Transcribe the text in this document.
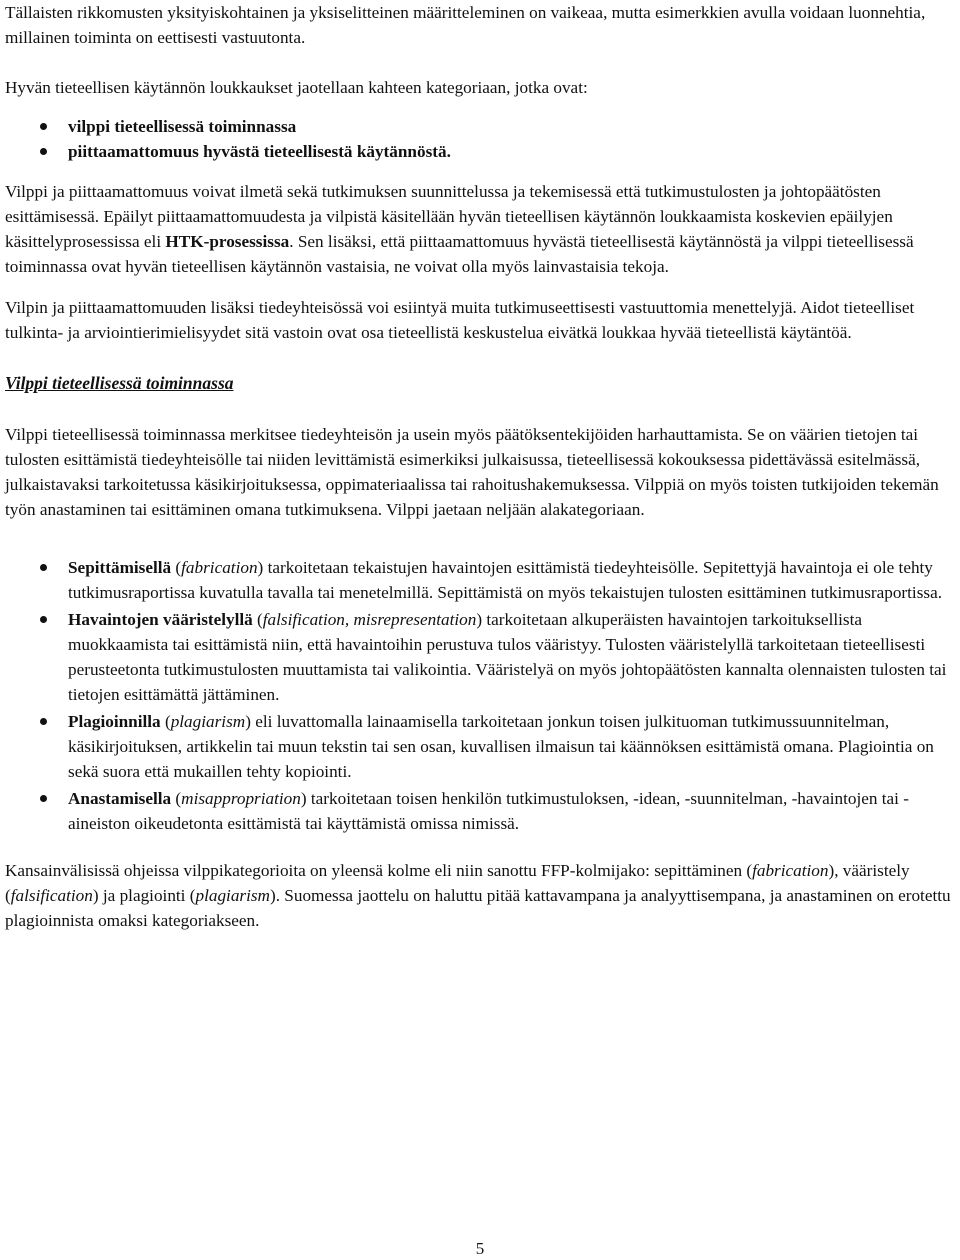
Tällaisten rikkomusten yksityiskohtainen ja yksiselitteinen määritteleminen on vaikeaa, mutta esimerkkien avulla voidaan luonnehtia, millainen toiminta on eettisesti vastuutonta.

Hyvän tieteellisen käytännön loukkaukset jaotellaan kahteen kategoriaan, jotka ovat:

vilppi tieteellisessä toiminnassa
piittaamattomuus hyvästä tieteellisestä käytännöstä.

Vilppi ja piittaamattomuus voivat ilmetä sekä tutkimuksen suunnittelussa ja tekemisessä että tutkimustulosten ja johtopäätösten esittämisessä. Epäilyt piittaamattomuudesta ja vilpistä käsitellään hyvän tieteellisen käytännön loukkaamista koskevien epäilyjen käsittelyprosessissa eli HTK-prosessissa. Sen lisäksi, että piittaamattomuus hyvästä tieteellisestä käytännöstä ja vilppi tieteellisessä toiminnassa ovat hyvän tieteellisen käytännön vastaisia, ne voivat olla myös lainvastaisia tekoja.

Vilpin ja piittaamattomuuden lisäksi tiedeyhteisössä voi esiintyä muita tutkimuseettisesti vastuuttomia menettelyjä. Aidot tieteelliset tulkinta- ja arviointierimielisyydet sitä vastoin ovat osa tieteellistä keskustelua eivätkä loukkaa hyvää tieteellistä käytäntöä.

Vilppi tieteellisessä toiminnassa

Vilppi tieteellisessä toiminnassa merkitsee tiedeyhteisön ja usein myös päätöksentekijöiden harhauttamista. Se on väärien tietojen tai tulosten esittämistä tiedeyhteisölle tai niiden levittämistä esimerkiksi julkaisussa, tieteellisessä kokouksessa pidettävässä esitelmässä, julkaistavaksi tarkoitetussa käsikirjoituksessa, oppimateriaalissa tai rahoitushakemuksessa. Vilppiä on myös toisten tutkijoiden tekemän työn anastaminen tai esittäminen omana tutkimuksena. Vilppi jaetaan neljään alakategoriaan.

Sepittämisellä (fabrication) tarkoitetaan tekaistujen havaintojen esittämistä tiedeyhteisölle. Sepitettyjä havaintoja ei ole tehty tutkimusraportissa kuvatulla tavalla tai menetelmillä. Sepittämistä on myös tekaistujen tulosten esittäminen tutkimusraportissa.
Havaintojen vääristelyllä (falsification, misrepresentation) tarkoitetaan alkuperäisten havaintojen tarkoituksellista muokkaamista tai esittämistä niin, että havaintoihin perustuva tulos vääristyy. Tulosten vääristelyllä tarkoitetaan tieteellisesti perusteetonta tutkimustulosten muuttamista tai valikointia. Vääristelyä on myös johtopäätösten kannalta olennaisten tulosten tai tietojen esittämättä jättäminen.
Plagioinnilla (plagiarism) eli luvattomalla lainaamisella tarkoitetaan jonkun toisen julkituoman tutkimussuunnitelman, käsikirjoituksen, artikkelin tai muun tekstin tai sen osan, kuvallisen ilmaisun tai käännöksen esittämistä omana. Plagiointia on sekä suora että mukaillen tehty kopiointi.
Anastamisella (misappropriation) tarkoitetaan toisen henkilön tutkimustuloksen, -idean, -suunnitelman, -havaintojen tai -aineiston oikeudetonta esittämistä tai käyttämistä omissa nimissä.

Kansainvälisissä ohjeissa vilppikategorioita on yleensä kolme eli niin sanottu FFP-kolmijako: sepittäminen (fabrication), vääristely (falsification) ja plagiointi (plagiarism). Suomessa jaottelu on haluttu pitää kattavampana ja analyyttisempana, ja anastaminen on erotettu plagioinnista omaksi kategoriakseen.

5
